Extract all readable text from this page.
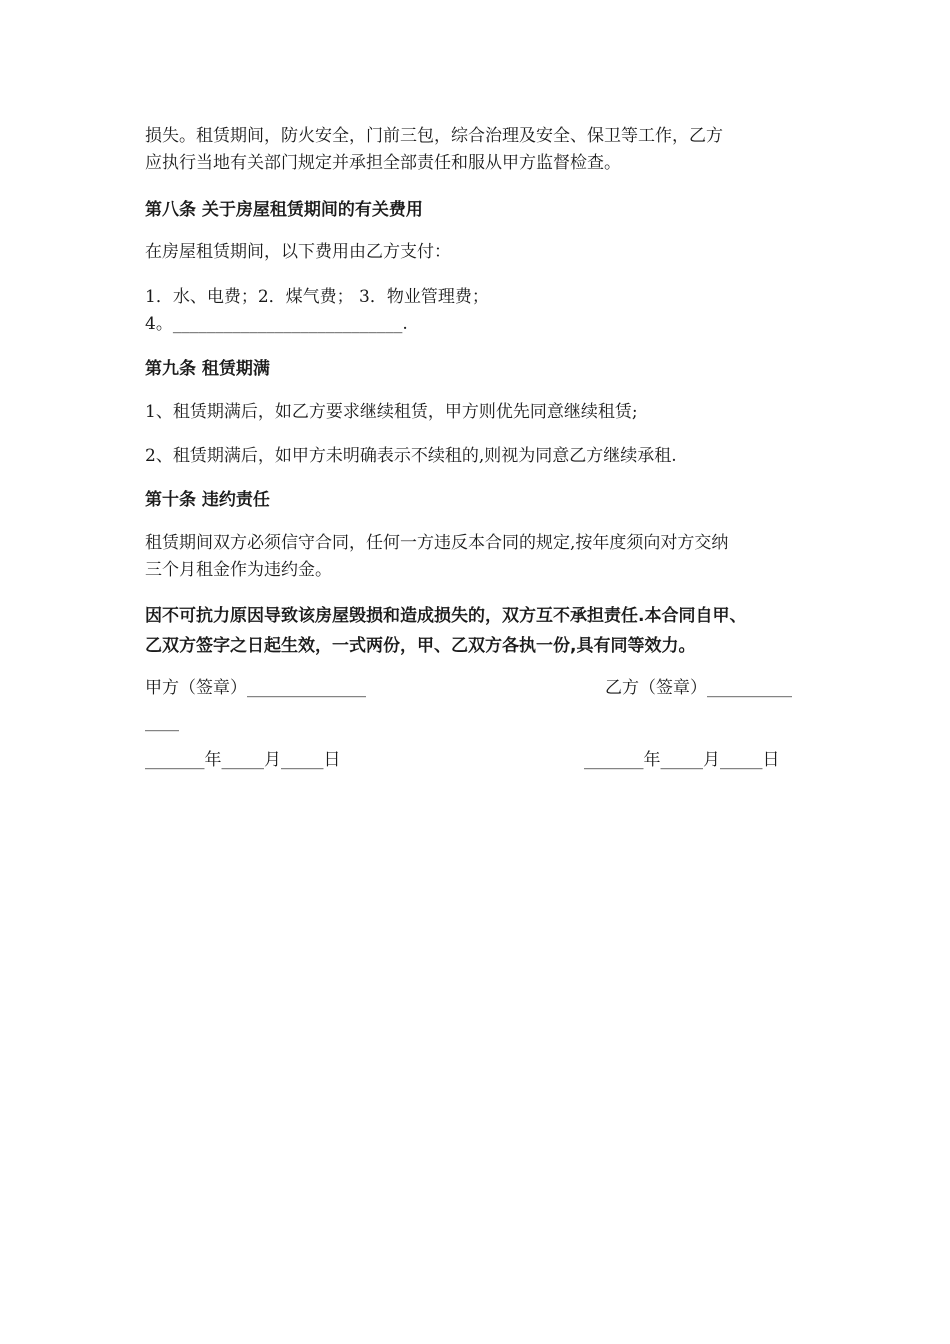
损失。租赁期间，防火安全，门前三包，综合治理及安全、保卫等工作，乙方
应执行当地有关部门规定并承担全部责任和服从甲方监督检查。
第八条 关于房屋租赁期间的有关费用
在房屋租赁期间，以下费用由乙方支付：
1．水、电费；2．煤气费； 3．物业管理费；
4。___________________________.
第九条 租赁期满
1、租赁期满后，如乙方要求继续租赁，甲方则优先同意继续租赁;
2、租赁期满后，如甲方未明确表示不续租的,则视为同意乙方继续承租.
第十条 违约责任
租赁期间双方必须信守合同，任何一方违反本合同的规定,按年度须向对方交纳
三个月租金作为违约金。
因不可抗力原因导致该房屋毁损和造成损失的，双方互不承担责任.本合同自甲、
乙双方签字之日起生效，一式两份，甲、乙双方各执一份,具有同等效力。
甲方（签章）______________	乙方（签章）__________
____
_______年_____月_____日	_______年_____月_____日
